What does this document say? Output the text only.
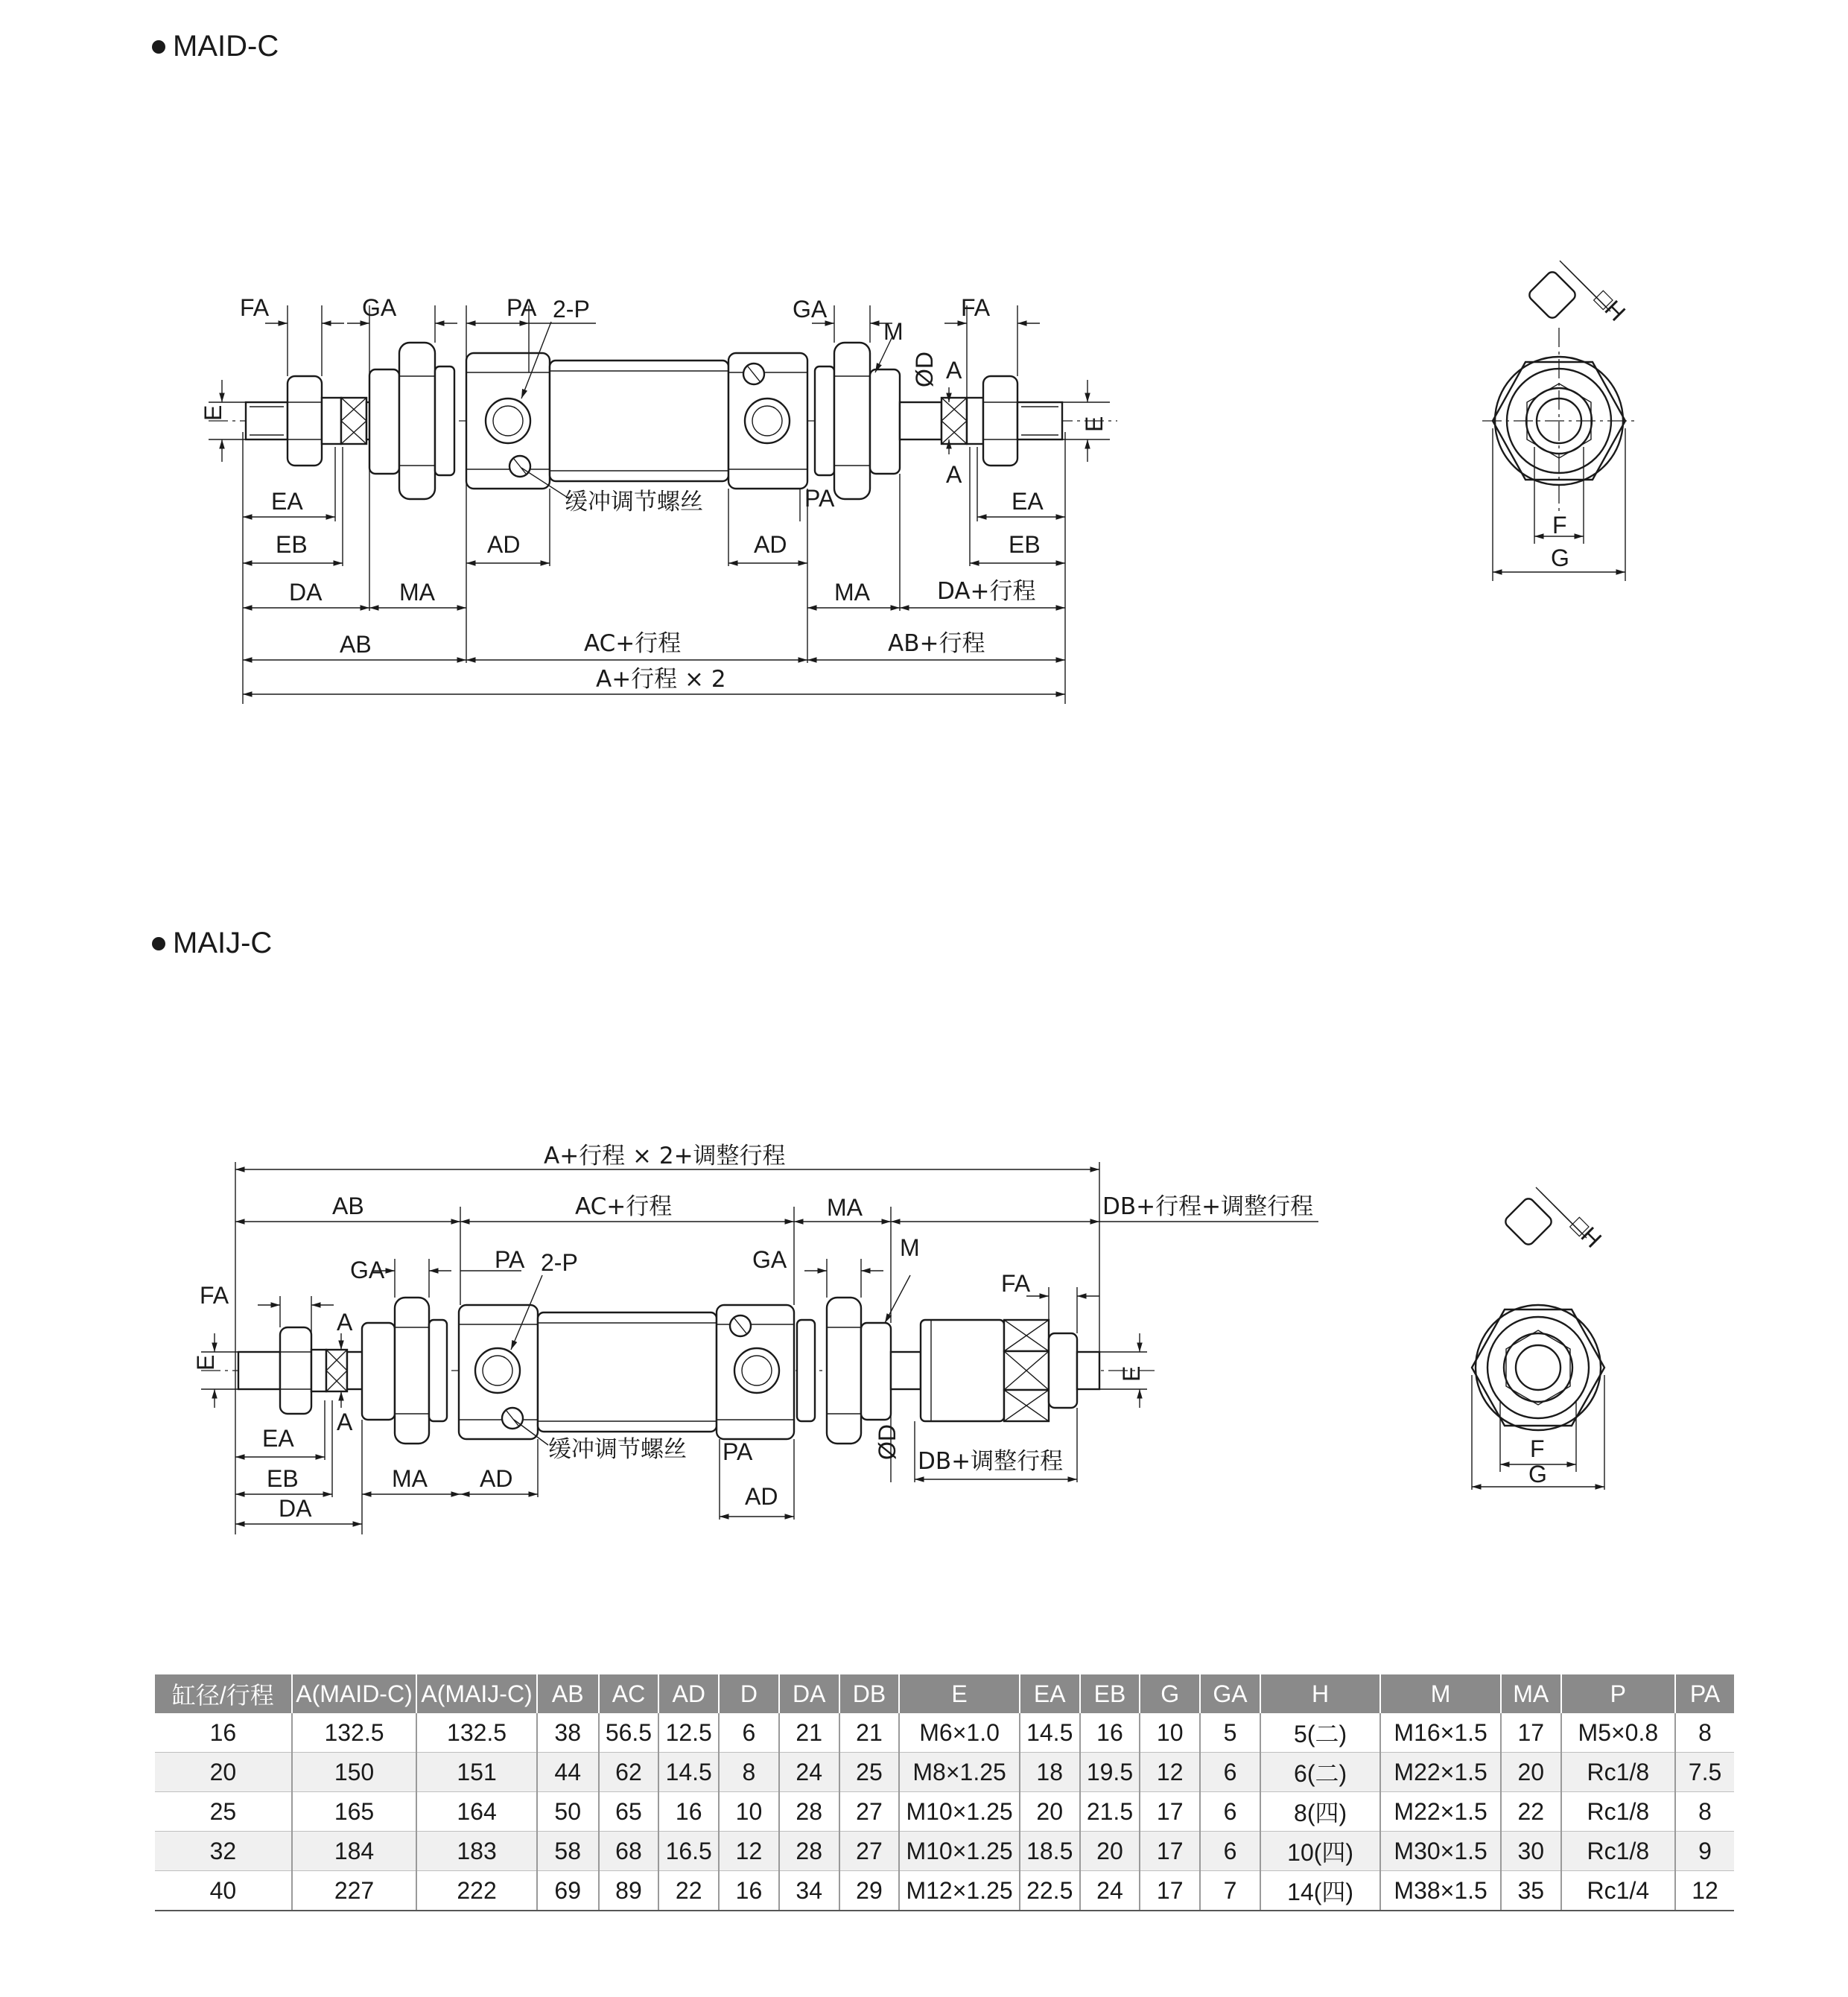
MAID-C
MAIJ-C
FA	GA	PA 2-P	GA
M
FA
ØD A
A
E
E
EA	EA
EB	EB
AD	AD
PA
缓冲调节螺丝
DA	MA	MA	DA+行程
AB	AC+行程	AB+行程
A+行程 × 2
□H
F
G
A+行程 × 2+调整行程
AB	AC+行程	MA	DB+行程+调整行程
FA
GA	PA 2-P	GA	M
FA
A
A
E
E
EA
EB	MA AD
DA
缓冲调节螺丝 PA
AD
ØD
DB+调整行程
□H
F
G
缸径/行程	A(MAID-C)	A(MAIJ-C)	AB	AC	AD	D	DA	DB	E	EA	EB	G	GA	H	M	MA	P	PA
16	132.5	132.5	38	56.5	12.5	6	21	21	M6×1.0	14.5	16	10	5	5(二)	M16×1.5	17	M5×0.8	8
20	150	151	44	62	14.5	8	24	25	M8×1.25	18	19.5	12	6	6(二)	M22×1.5	20	Rc1/8	7.5
25	165	164	50	65	16	10	28	27	M10×1.25	20	21.5	17	6	8(四)	M22×1.5	22	Rc1/8	8
32	184	183	58	68	16.5	12	28	27	M10×1.25	18.5	20	17	6	10(四)	M30×1.5	30	Rc1/8	9
40	227	222	69	89	22	16	34	29	M12×1.25	22.5	24	17	7	14(四)	M38×1.5	35	Rc1/4	12
